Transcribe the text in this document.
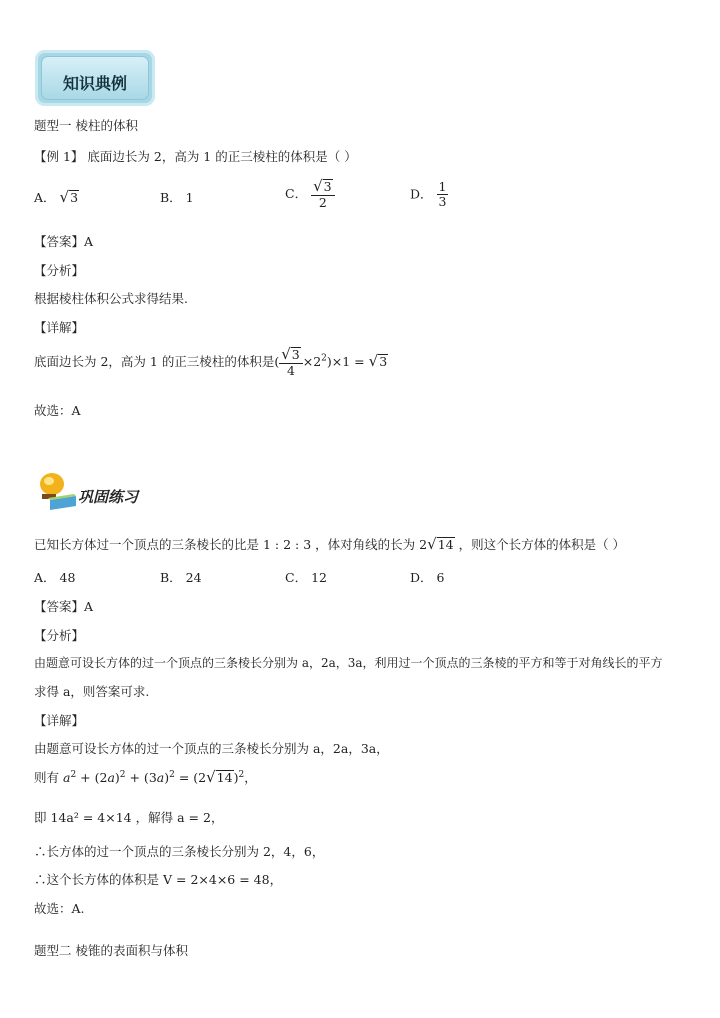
知识典例
题型一 棱柱的体积
【例 1】 底面边长为 2，高为 1 的正三棱柱的体积是（ ）
A． √3	B． 1	C． $\frac{√3}{2}$	D． $\frac{1}{3}$
【答案】A
【分析】
根据棱柱体积公式求得结果.
【详解】
底面边长为 2，高为 1 的正三棱柱的体积是( $\frac{√3}{4} \times 2^2)\times 1 = √3$
故选：A
巩固练习
已知长方体过一个顶点的三条棱长的比是 1 : 2 : 3 ，体对角线的长为 2√14 ，则这个长方体的体积是（ ）
A． 48	B． 24	C． 12	D． 6
【答案】A
【分析】
由题意可设长方体的过一个顶点的三条棱长分别为 a，2a，3a，利用过一个顶点的三条棱的平方和等于对角线长的平方
求得 a，则答案可求.
【详解】
由题意可设长方体的过一个顶点的三条棱长分别为 a，2a，3a，
则有 $a^2 + (2a)^2 + (3a)^2 = (2√14)^2$，
即 14a² = 4×14 ，解得 a = 2，
∴长方体的过一个顶点的三条棱长分别为 2，4，6，
∴这个长方体的体积是 V = 2×4×6 = 48，
故选：A.
题型二 棱锥的表面积与体积
